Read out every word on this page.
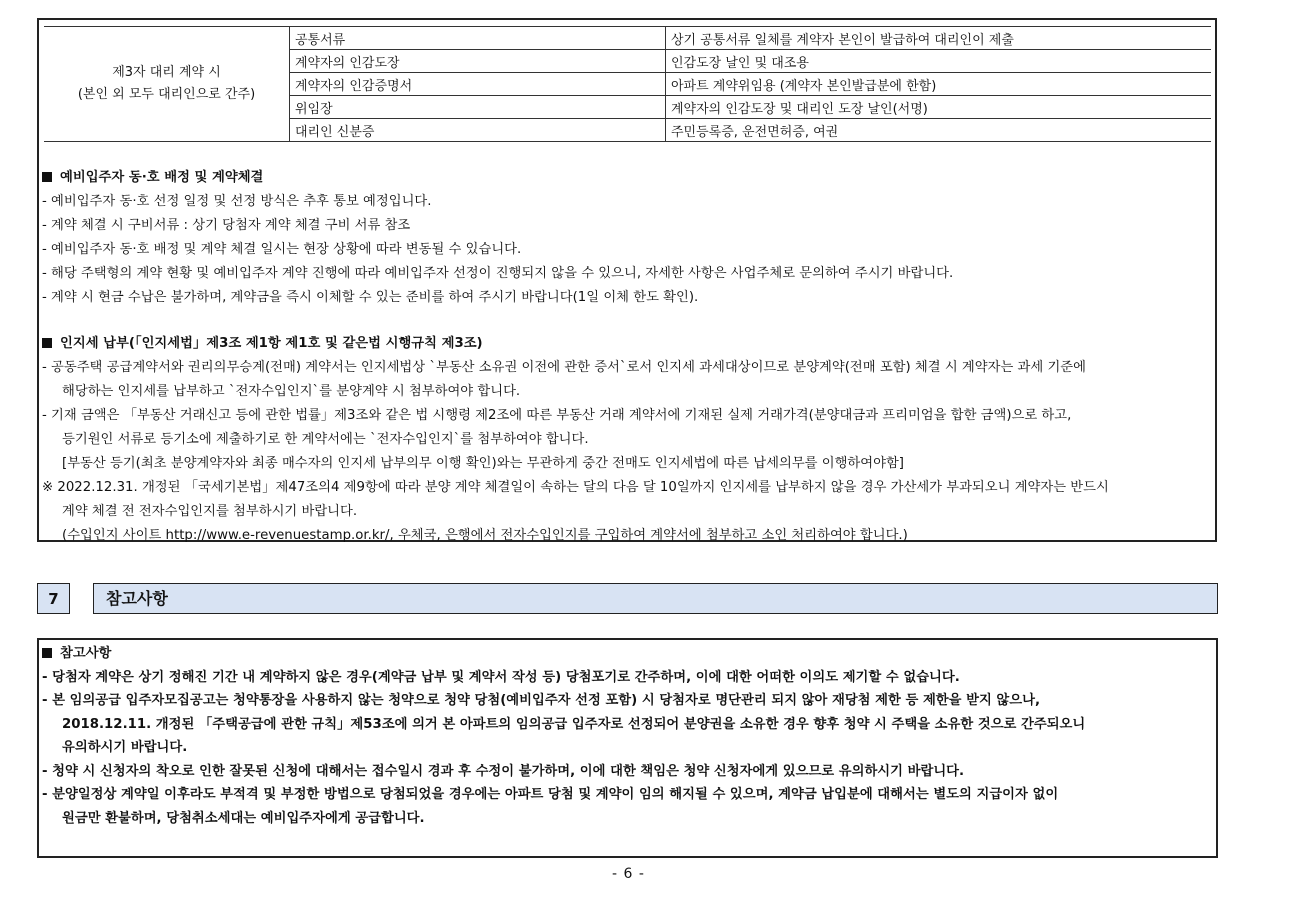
제3자 대리 계약 시
(본인 외 모두 대리인으로 간주)	공통서류	상기 공통서류 일체를 계약자 본인이 발급하여 대리인이 제출
	계약자의 인감도장	인감도장 날인 및 대조용
	계약자의 인감증명서	아파트 계약위임용 (계약자 본인발급분에 한함)
	위임장	계약자의 인감도장 및 대리인 도장 날인(서명)
	대리인 신분증	주민등록증, 운전면허증, 여권
예비입주자 동·호 배정 및 계약체결
- 예비입주자 동·호 선정 일정 및 선정 방식은 추후 통보 예정입니다.
- 계약 체결 시 구비서류 : 상기 당첨자 계약 체결 구비 서류 참조
- 예비입주자 동·호 배정 및 계약 체결 일시는 현장 상황에 따라 변동될 수 있습니다.
- 해당 주택형의 계약 현황 및 예비입주자 계약 진행에 따라 예비입주자 선정이 진행되지 않을 수 있으니, 자세한 사항은 사업주체로 문의하여 주시기 바랍니다.
- 계약 시 현금 수납은 불가하며, 계약금을 즉시 이체할 수 있는 준비를 하여 주시기 바랍니다(1일 이체 한도 확인).
인지세 납부(「인지세법」제3조 제1항 제1호 및 같은법 시행규칙 제3조)
- 공동주택 공급계약서와 권리의무승계(전매) 계약서는 인지세법상 `부동산 소유권 이전에 관한 증서`로서 인지세 과세대상이므로 분양계약(전매 포함) 체결 시 계약자는 과세 기준에
해당하는 인지세를 납부하고 `전자수입인지`를 분양계약 시 첨부하여야 합니다.
- 기재 금액은 「부동산 거래신고 등에 관한 법률」제3조와 같은 법 시행령 제2조에 따른 부동산 거래 계약서에 기재된 실제 거래가격(분양대금과 프리미엄을 합한 금액)으로 하고,
등기원인 서류로 등기소에 제출하기로 한 계약서에는 `전자수입인지`를 첨부하여야 합니다.
[부동산 등기(최초 분양계약자와 최종 매수자의 인지세 납부의무 이행 확인)와는 무관하게 중간 전매도 인지세법에 따른 납세의무를 이행하여야함]
※ 2022.12.31. 개정된 「국세기본법」제47조의4 제9항에 따라 분양 계약 체결일이 속하는 달의 다음 달 10일까지 인지세를 납부하지 않을 경우 가산세가 부과되오니 계약자는 반드시
계약 체결 전 전자수입인지를 첨부하시기 바랍니다.
(수입인지 사이트 http://www.e-revenuestamp.or.kr/, 우체국, 은행에서 전자수입인지를 구입하여 계약서에 첨부하고 소인 처리하여야 합니다.)
7	참고사항
참고사항
- 당첨자 계약은 상기 정해진 기간 내 계약하지 않은 경우(계약금 납부 및 계약서 작성 등) 당첨포기로 간주하며, 이에 대한 어떠한 이의도 제기할 수 없습니다.
- 본 임의공급 입주자모집공고는 청약통장을 사용하지 않는 청약으로 청약 당첨(예비입주자 선정 포함) 시 당첨자로 명단관리 되지 않아 재당첨 제한 등 제한을 받지 않으나,
2018.12.11. 개정된 「주택공급에 관한 규칙」제53조에 의거 본 아파트의 임의공급 입주자로 선정되어 분양권을 소유한 경우 향후 청약 시 주택을 소유한 것으로 간주되오니
유의하시기 바랍니다.
- 청약 시 신청자의 착오로 인한 잘못된 신청에 대해서는 접수일시 경과 후 수정이 불가하며, 이에 대한 책임은 청약 신청자에게 있으므로 유의하시기 바랍니다.
- 분양일정상 계약일 이후라도 부적격 및 부정한 방법으로 당첨되었을 경우에는 아파트 당첨 및 계약이 임의 해지될 수 있으며, 계약금 납입분에 대해서는 별도의 지급이자 없이
원금만 환불하며, 당첨취소세대는 예비입주자에게 공급합니다.
- 6 -
